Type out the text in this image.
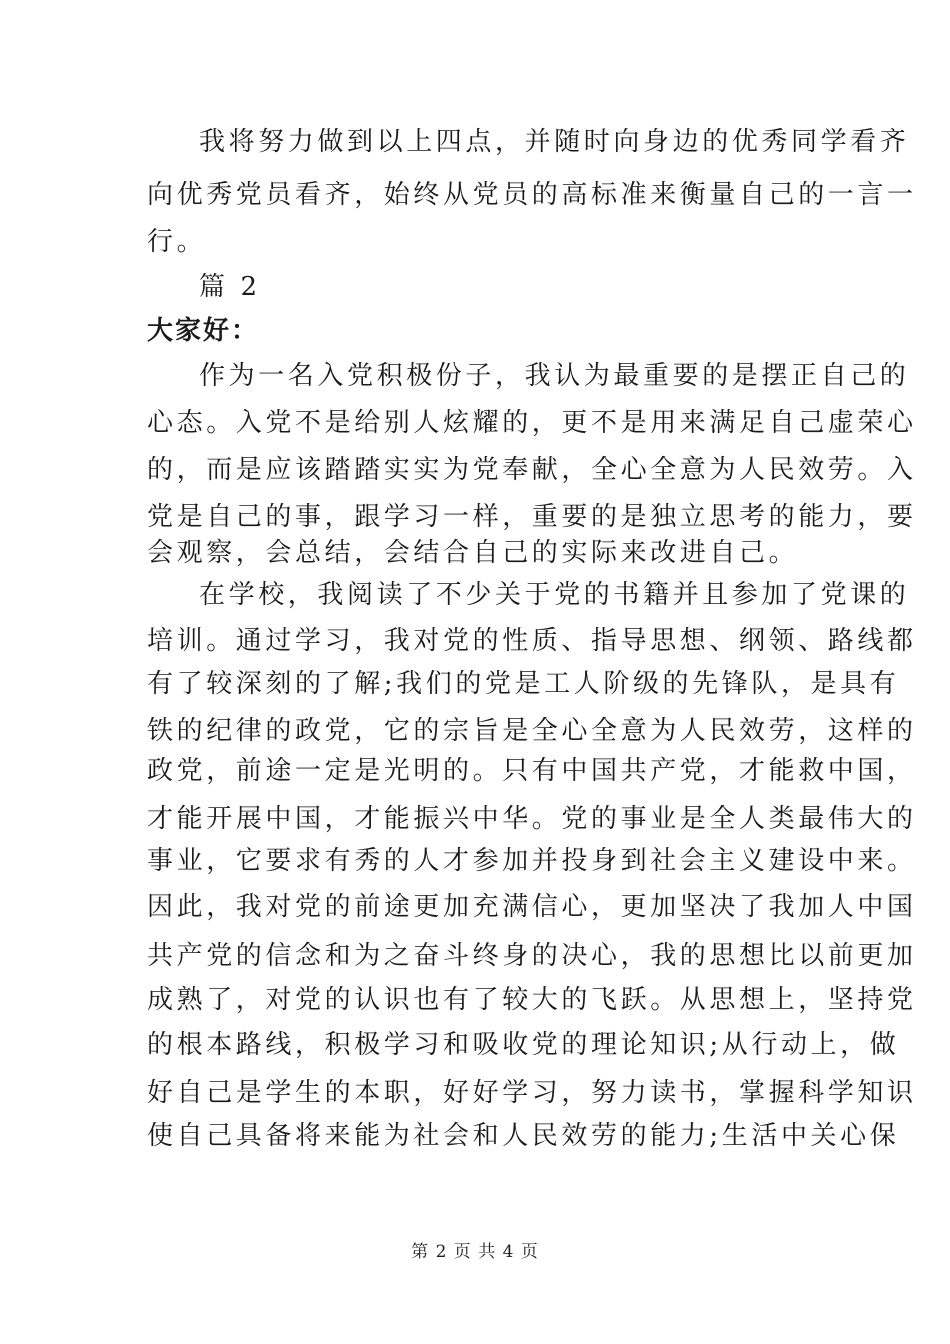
我将努力做到以上四点，并随时向身边的优秀同学看齐
向优秀党员看齐，始终从党员的高标准来衡量自己的一言一
行。
篇 2
大家好：
作为一名入党积极份子，我认为最重要的是摆正自己的
心态。入党不是给别人炫耀的，更不是用来满足自己虚荣心
的，而是应该踏踏实实为党奉献，全心全意为人民效劳。入
党是自己的事，跟学习一样，重要的是独立思考的能力，要
会观察，会总结，会结合自己的实际来改进自己。
在学校，我阅读了不少关于党的书籍并且参加了党课的
培训。通过学习，我对党的性质、指导思想、纲领、路线都
有了较深刻的了解;我们的党是工人阶级的先锋队，是具有
铁的纪律的政党，它的宗旨是全心全意为人民效劳，这样的
政党，前途一定是光明的。只有中国共产党，才能救中国，
才能开展中国，才能振兴中华。党的事业是全人类最伟大的
事业，它要求有秀的人才参加并投身到社会主义建设中来。
因此，我对党的前途更加充满信心，更加坚决了我加人中国
共产党的信念和为之奋斗终身的决心，我的思想比以前更加
成熟了，对党的认识也有了较大的飞跃。从思想上，坚持党
的根本路线，积极学习和吸收党的理论知识;从行动上，做
好自己是学生的本职，好好学习，努力读书，掌握科学知识
使自己具备将来能为社会和人民效劳的能力;生活中关心保
第 2 页 共 4 页
